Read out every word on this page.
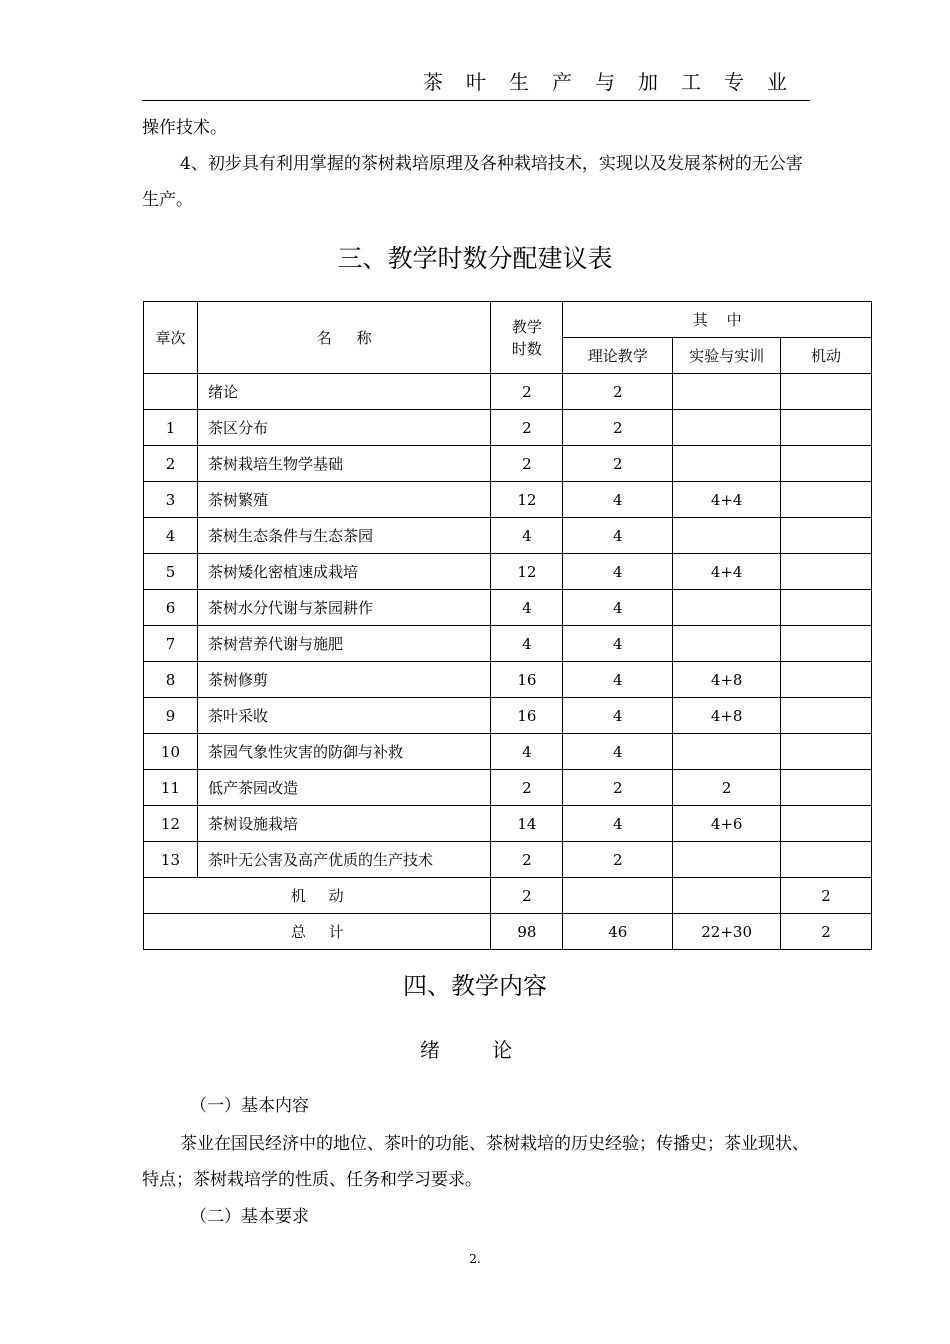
茶叶生产与加工专业
操作技术。
4、初步具有利用掌握的茶树栽培原理及各种栽培技术，实现以及发展茶树的无公害生产。
三、教学时数分配建议表
章次	名 称	教学时数	其 中		
			理论教学	实验与实训	机动
	绪论	2	2		
1	茶区分布	2	2		
2	茶树栽培生物学基础	2	2		
3	茶树繁殖	12	4	4+4	
4	茶树生态条件与生态茶园	4	4		
5	茶树矮化密植速成栽培	12	4	4+4	
6	茶树水分代谢与茶园耕作	4	4		
7	茶树营养代谢与施肥	4	4		
8	茶树修剪	16	4	4+8	
9	茶叶采收	16	4	4+8	
10	茶园气象性灾害的防御与补救	4	4		
11	低产茶园改造	2	2	2	
12	茶树设施栽培	14	4	4+6	
13	茶叶无公害及高产优质的生产技术	2	2		
机 动		2			2
总 计		98	46	22+30	2
四、教学内容
绪 论
（一）基本内容
茶业在国民经济中的地位、茶叶的功能、茶树栽培的历史经验；传播史；茶业现状、特点；茶树栽培学的性质、任务和学习要求。
（二）基本要求
2.
